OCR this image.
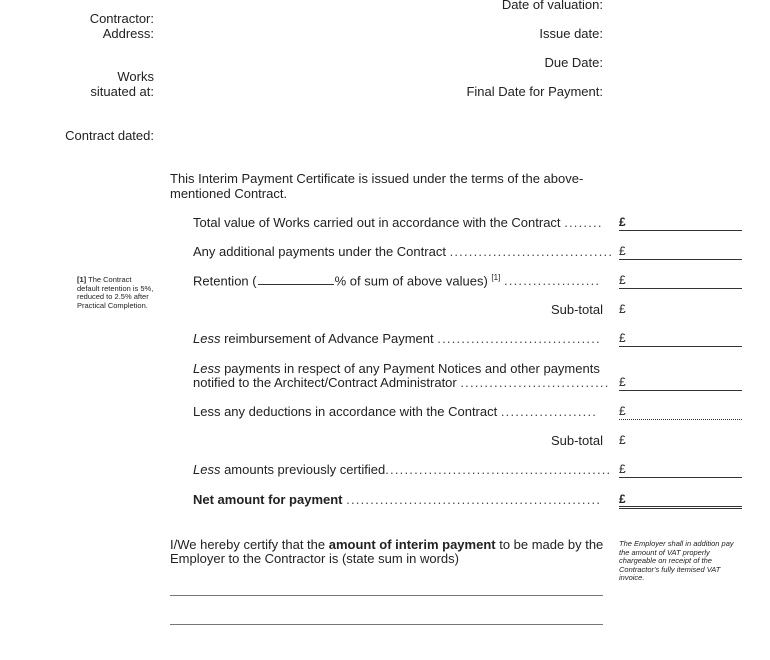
Contractor:
Address:
Works
situated at:
Contract dated:
Date of valuation:
Issue date:
Due Date:
Final Date for Payment:
This Interim Payment Certificate is issued under the terms of the above-
mentioned Contract.
[1] The Contract default retention is 5%, reduced to 2.5% after Practical Completion.
Total value of Works carried out in accordance with the Contract ........ £
Any additional payments under the Contract .................................. £
Retention (	% of sum of above values) [1] .................... £
Sub-total £
Less reimbursement of Advance Payment .................................. £
Less payments in respect of any Payment Notices and other payments
notified to the Architect/Contract Administrator ............................... £
Less any deductions in accordance with the Contract .................... £
Sub-total £
Less amounts previously certified............................................... £
Net amount for payment ..................................................... £
I/We hereby certify that the amount of interim payment to be made by the
Employer to the Contractor is (state sum in words)
The Employer shall in addition pay the amount of VAT properly chargeable on receipt of the Contractor's fully itemised VAT invoice.
